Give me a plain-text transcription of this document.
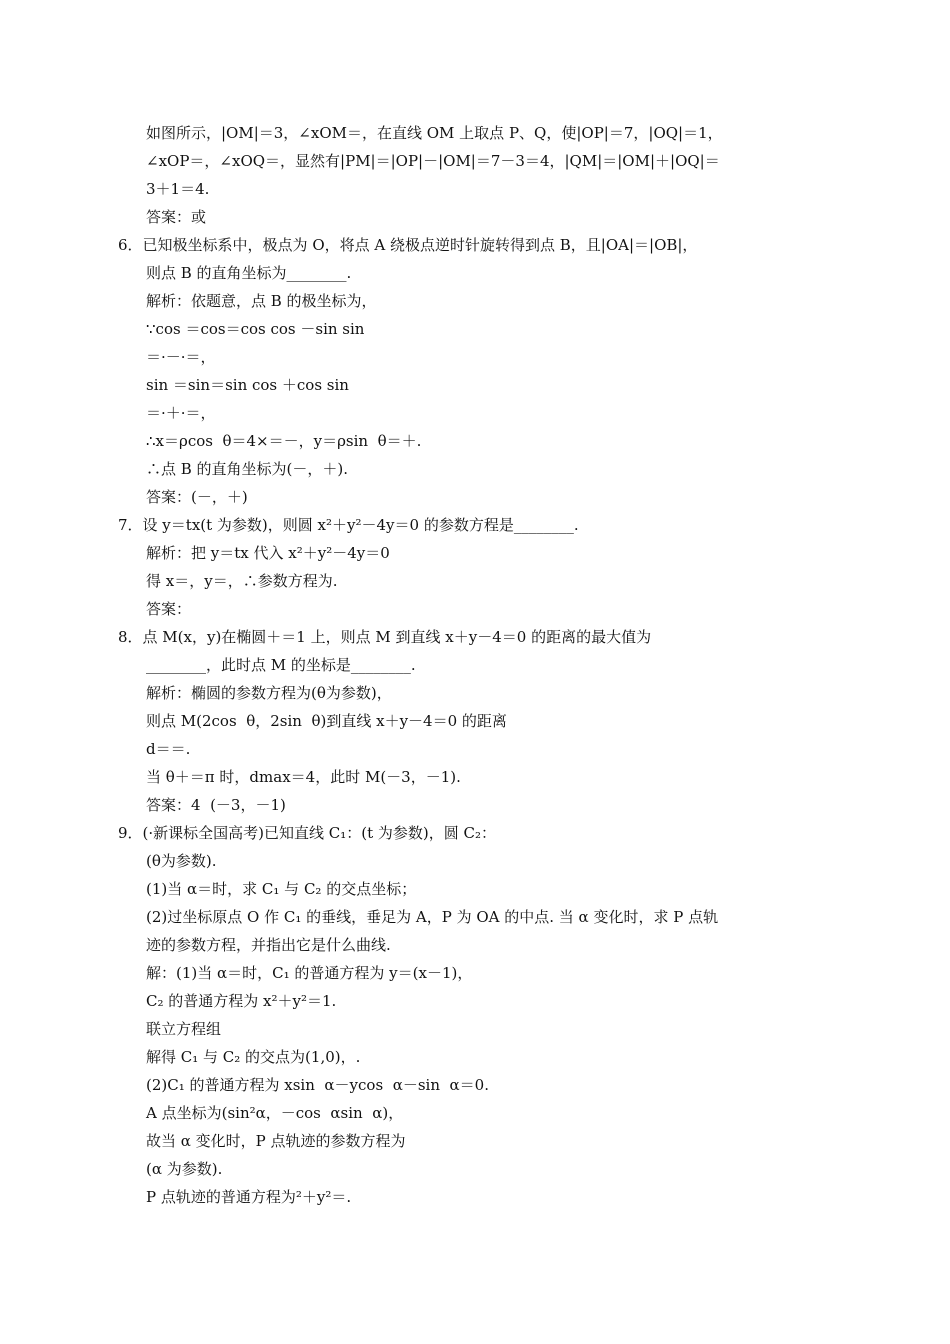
如图所示，|OM|＝3，∠xOM＝，在直线 OM 上取点 P、Q，使|OP|＝7，|OQ|＝1，
∠xOP＝，∠xOQ＝，显然有|PM|＝|OP|－|OM|＝7－3＝4，|QM|＝|OM|＋|OQ|＝
3＋1＝4.
答案：或
6．已知极坐标系中，极点为 O，将点 A 绕极点逆时针旋转得到点 B，且|OA|＝|OB|，
则点 B 的直角坐标为________.
解析：依题意，点 B 的极坐标为，
∵cos ＝cos＝cos cos －sin sin
＝·－·＝，
sin ＝sin＝sin cos ＋cos sin
＝·＋·＝，
∴x＝ρcos  θ＝4×＝－，y＝ρsin  θ＝＋.
∴点 B 的直角坐标为(－，＋).
答案：(－，＋)
7．设 y＝tx(t 为参数)，则圆 x²＋y²－4y＝0 的参数方程是________.
解析：把 y＝tx 代入 x²＋y²－4y＝0
得 x＝，y＝，∴参数方程为.
答案：
8．点 M(x，y)在椭圆＋＝1 上，则点 M 到直线 x＋y－4＝0 的距离的最大值为
________，此时点 M 的坐标是________.
解析：椭圆的参数方程为(θ为参数)，
则点 M(2cos  θ，2sin  θ)到直线 x＋y－4＝0 的距离
d＝＝.
当 θ＋＝π 时，dmax＝4，此时 M(－3，－1).
答案：4  (－3，－1)
9．(·新课标全国高考)已知直线 C₁：(t 为参数)，圆 C₂：
(θ为参数).
(1)当 α＝时，求 C₁ 与 C₂ 的交点坐标；
(2)过坐标原点 O 作 C₁ 的垂线，垂足为 A，P 为 OA 的中点. 当 α 变化时，求 P 点轨
迹的参数方程，并指出它是什么曲线.
解：(1)当 α＝时，C₁ 的普通方程为 y＝(x－1)，
C₂ 的普通方程为 x²＋y²＝1.
联立方程组
解得 C₁ 与 C₂ 的交点为(1,0)，.
(2)C₁ 的普通方程为 xsin  α－ycos  α－sin  α＝0.
A 点坐标为(sin²α，－cos  αsin  α)，
故当 α 变化时，P 点轨迹的参数方程为
(α 为参数).
P 点轨迹的普通方程为²＋y²＝.
